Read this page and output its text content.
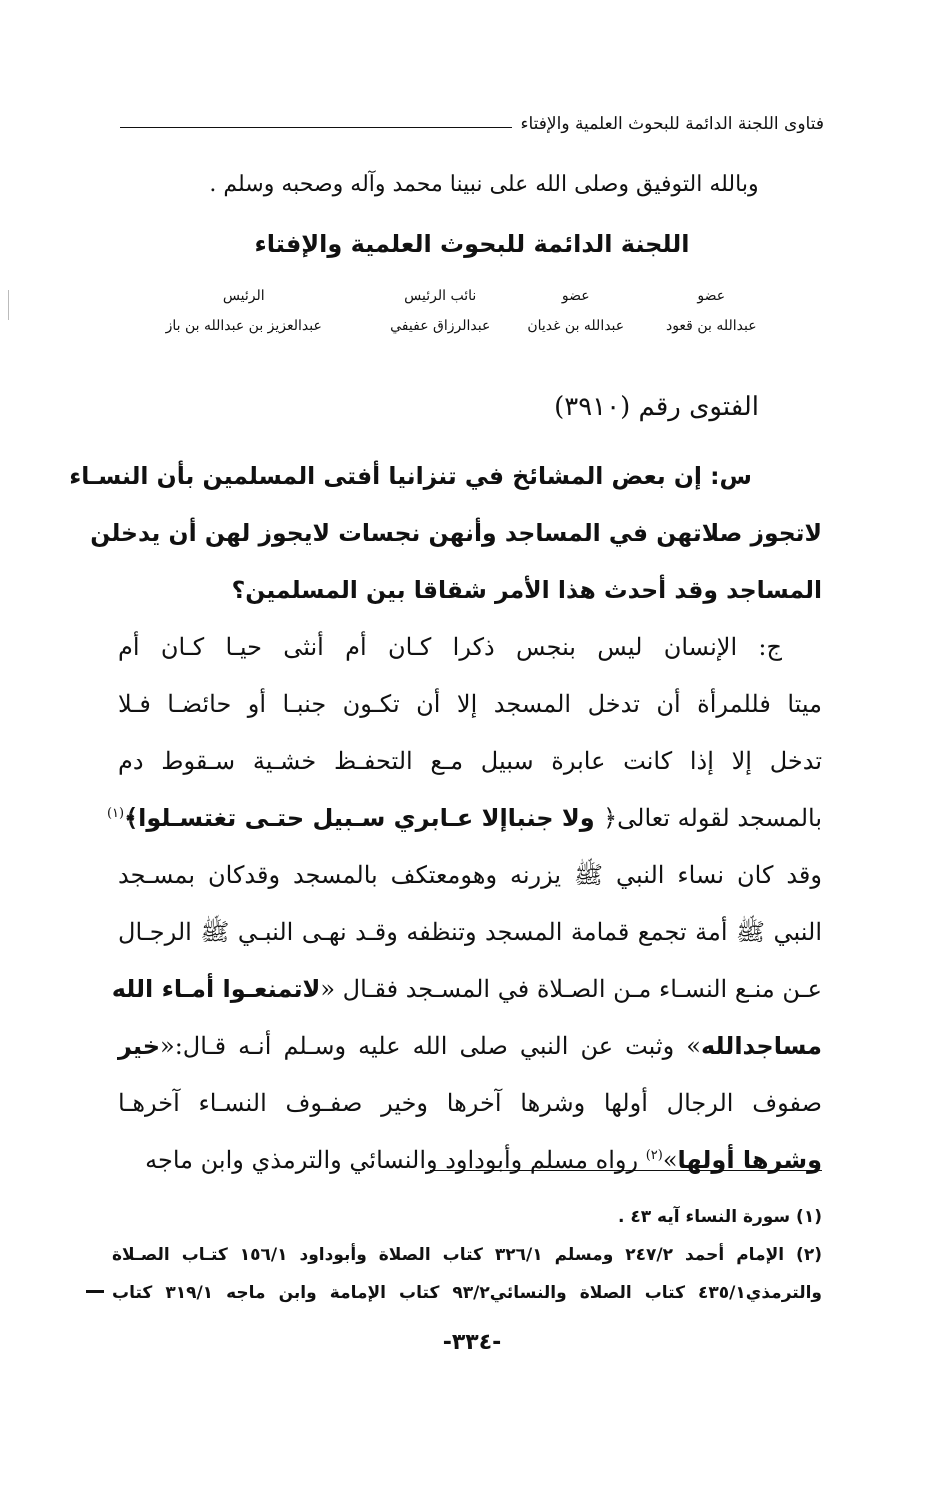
فتاوى اللجنة الدائمة للبحوث العلمية والإفتاء
وبالله التوفيق وصلى الله على نبينا محمد وآله وصحبه وسلم .
اللجنة الدائمة للبحوث العلمية والإفتاء
عضو
عبدالله بن قعود
عضو
عبدالله بن غديان
نائب الرئيس
عبدالرزاق عفيفي
الرئيس
عبدالعزيز بن عبدالله بن باز
الفتوى رقم (٣٩١٠)
س: إن بعض المشائخ في تنزانيا أفتى المسلمين بأن النسـاء
لاتجوز صلاتهن في المساجد وأنهن نجسات لايجوز لهن أن يدخلن
المساجد وقد أحدث هذا الأمر شقاقا بين المسلمين؟
ج: الإنسان ليس بنجس ذكرا كـان أم أنثى حيـا كـان أم
ميتا فللمرأة أن تدخل المسجد إلا أن تكـون جنبـا أو حائضـا فـلا
تدخل إلا إذا كانت عابرة سبيل مـع التحفـظ خشـية سـقوط دم
بالمسجد لقوله تعالى﴿ ولا جنباإلا عـابري سـبيل حتـى تغتسـلوا﴾$^{(١)}$
وقد كان نساء النبي ﷺ يزرنه وهومعتكف بالمسجد وقدكان بمسـجد
النبي ﷺ أمة تجمع قمامة المسجد وتنظفه وقـد نهـى النبـي ﷺ الرجـال
عـن منـع النسـاء مـن الصـلاة في المسـجد فقـال «لاتمنعـوا أمـاء الله
مساجدالله» وثبت عن النبي صلى الله عليه وسـلم أنـه قـال:«خير
صفوف الرجال أولها وشرها آخرها وخير صفـوف النسـاء آخرهـا
وشرها أولها»$^{(٢)}$ رواه مسلم وأبوداود والنسائي والترمذي وابن ماجه
(١) سورة النساء آيه ٤٣ .
(٢) الإمام أحمد ٢٤٧/٢ ومسلم ٣٢٦/١ كتاب الصلاة وأبوداود ١٥٦/١ كتـاب الصـلاة
والترمذي٤٣٥/١ كتاب الصلاة والنسائي٩٣/٢ كتاب الإمامة وابن ماجه ٣١٩/١ كتاب
-٣٣٤-
